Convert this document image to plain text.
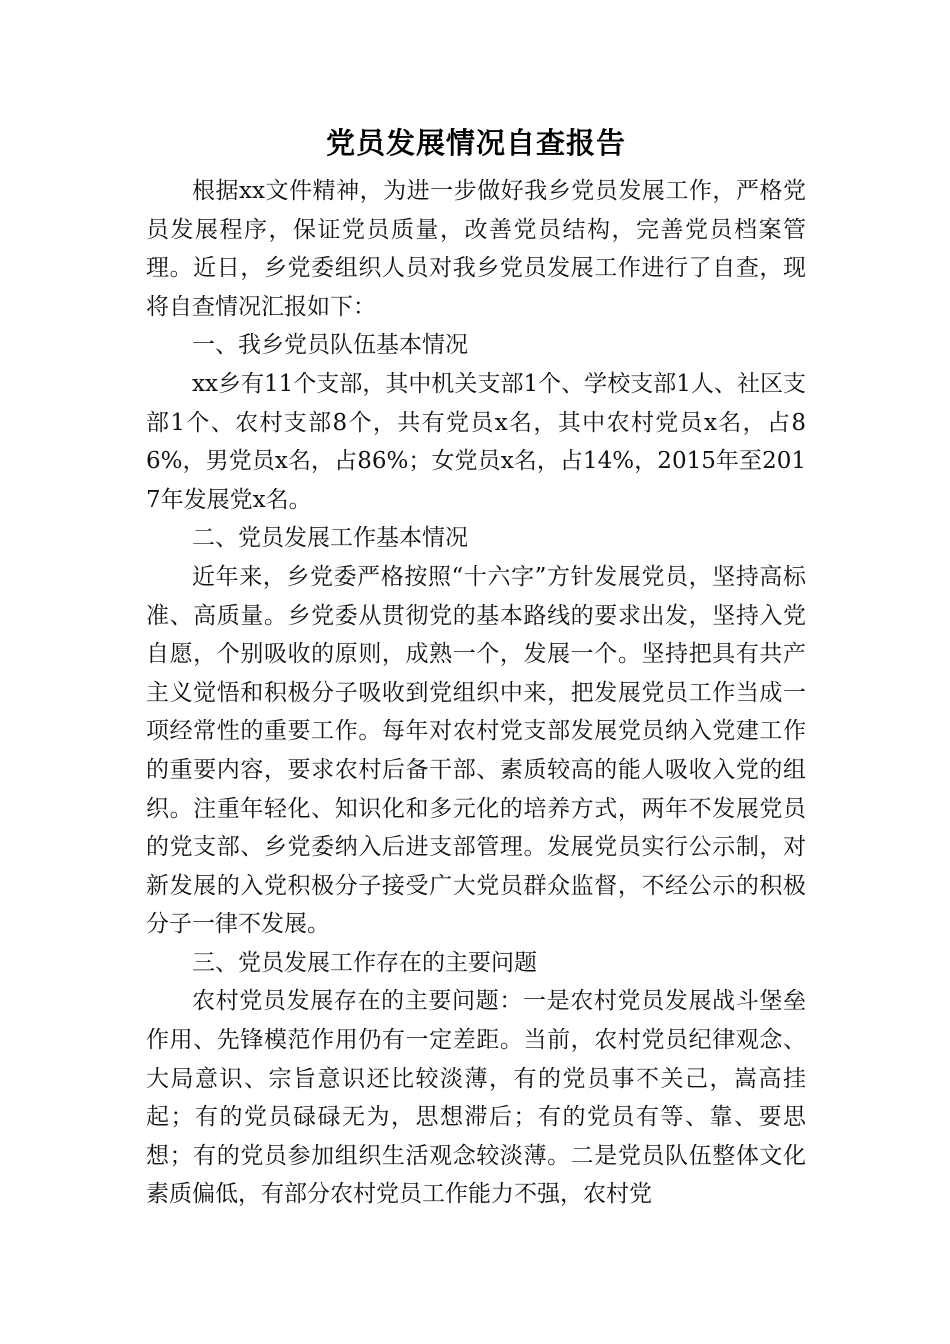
党员发展情况自查报告

根据xx文件精神，为进一步做好我乡党员发展工作，严格党员发展程序，保证党员质量，改善党员结构，完善党员档案管理。近日，乡党委组织人员对我乡党员发展工作进行了自查，现将自查情况汇报如下：

一、我乡党员队伍基本情况

xx乡有11个支部，其中机关支部1个、学校支部1人、社区支部1个、农村支部8个，共有党员x名，其中农村党员x名，占86%，男党员x名，占86%；女党员x名，占14%，2015年至2017年发展党x名。

二、党员发展工作基本情况

近年来，乡党委严格按照“十六字”方针发展党员，坚持高标准、高质量。乡党委从贯彻党的基本路线的要求出发，坚持入党自愿，个别吸收的原则，成熟一个，发展一个。坚持把具有共产主义觉悟和积极分子吸收到党组织中来，把发展党员工作当成一项经常性的重要工作。每年对农村党支部发展党员纳入党建工作的重要内容，要求农村后备干部、素质较高的能人吸收入党的组织。注重年轻化、知识化和多元化的培养方式，两年不发展党员的党支部、乡党委纳入后进支部管理。发展党员实行公示制，对新发展的入党积极分子接受广大党员群众监督，不经公示的积极分子一律不发展。

三、党员发展工作存在的主要问题

农村党员发展存在的主要问题：一是农村党员发展战斗堡垒作用、先锋模范作用仍有一定差距。当前，农村党员纪律观念、大局意识、宗旨意识还比较淡薄，有的党员事不关己，嵩高挂起；有的党员碌碌无为，思想滞后；有的党员有等、靠、要思想；有的党员参加组织生活观念较淡薄。二是党员队伍整体文化素质偏低，有部分农村党员工作能力不强，农村党
